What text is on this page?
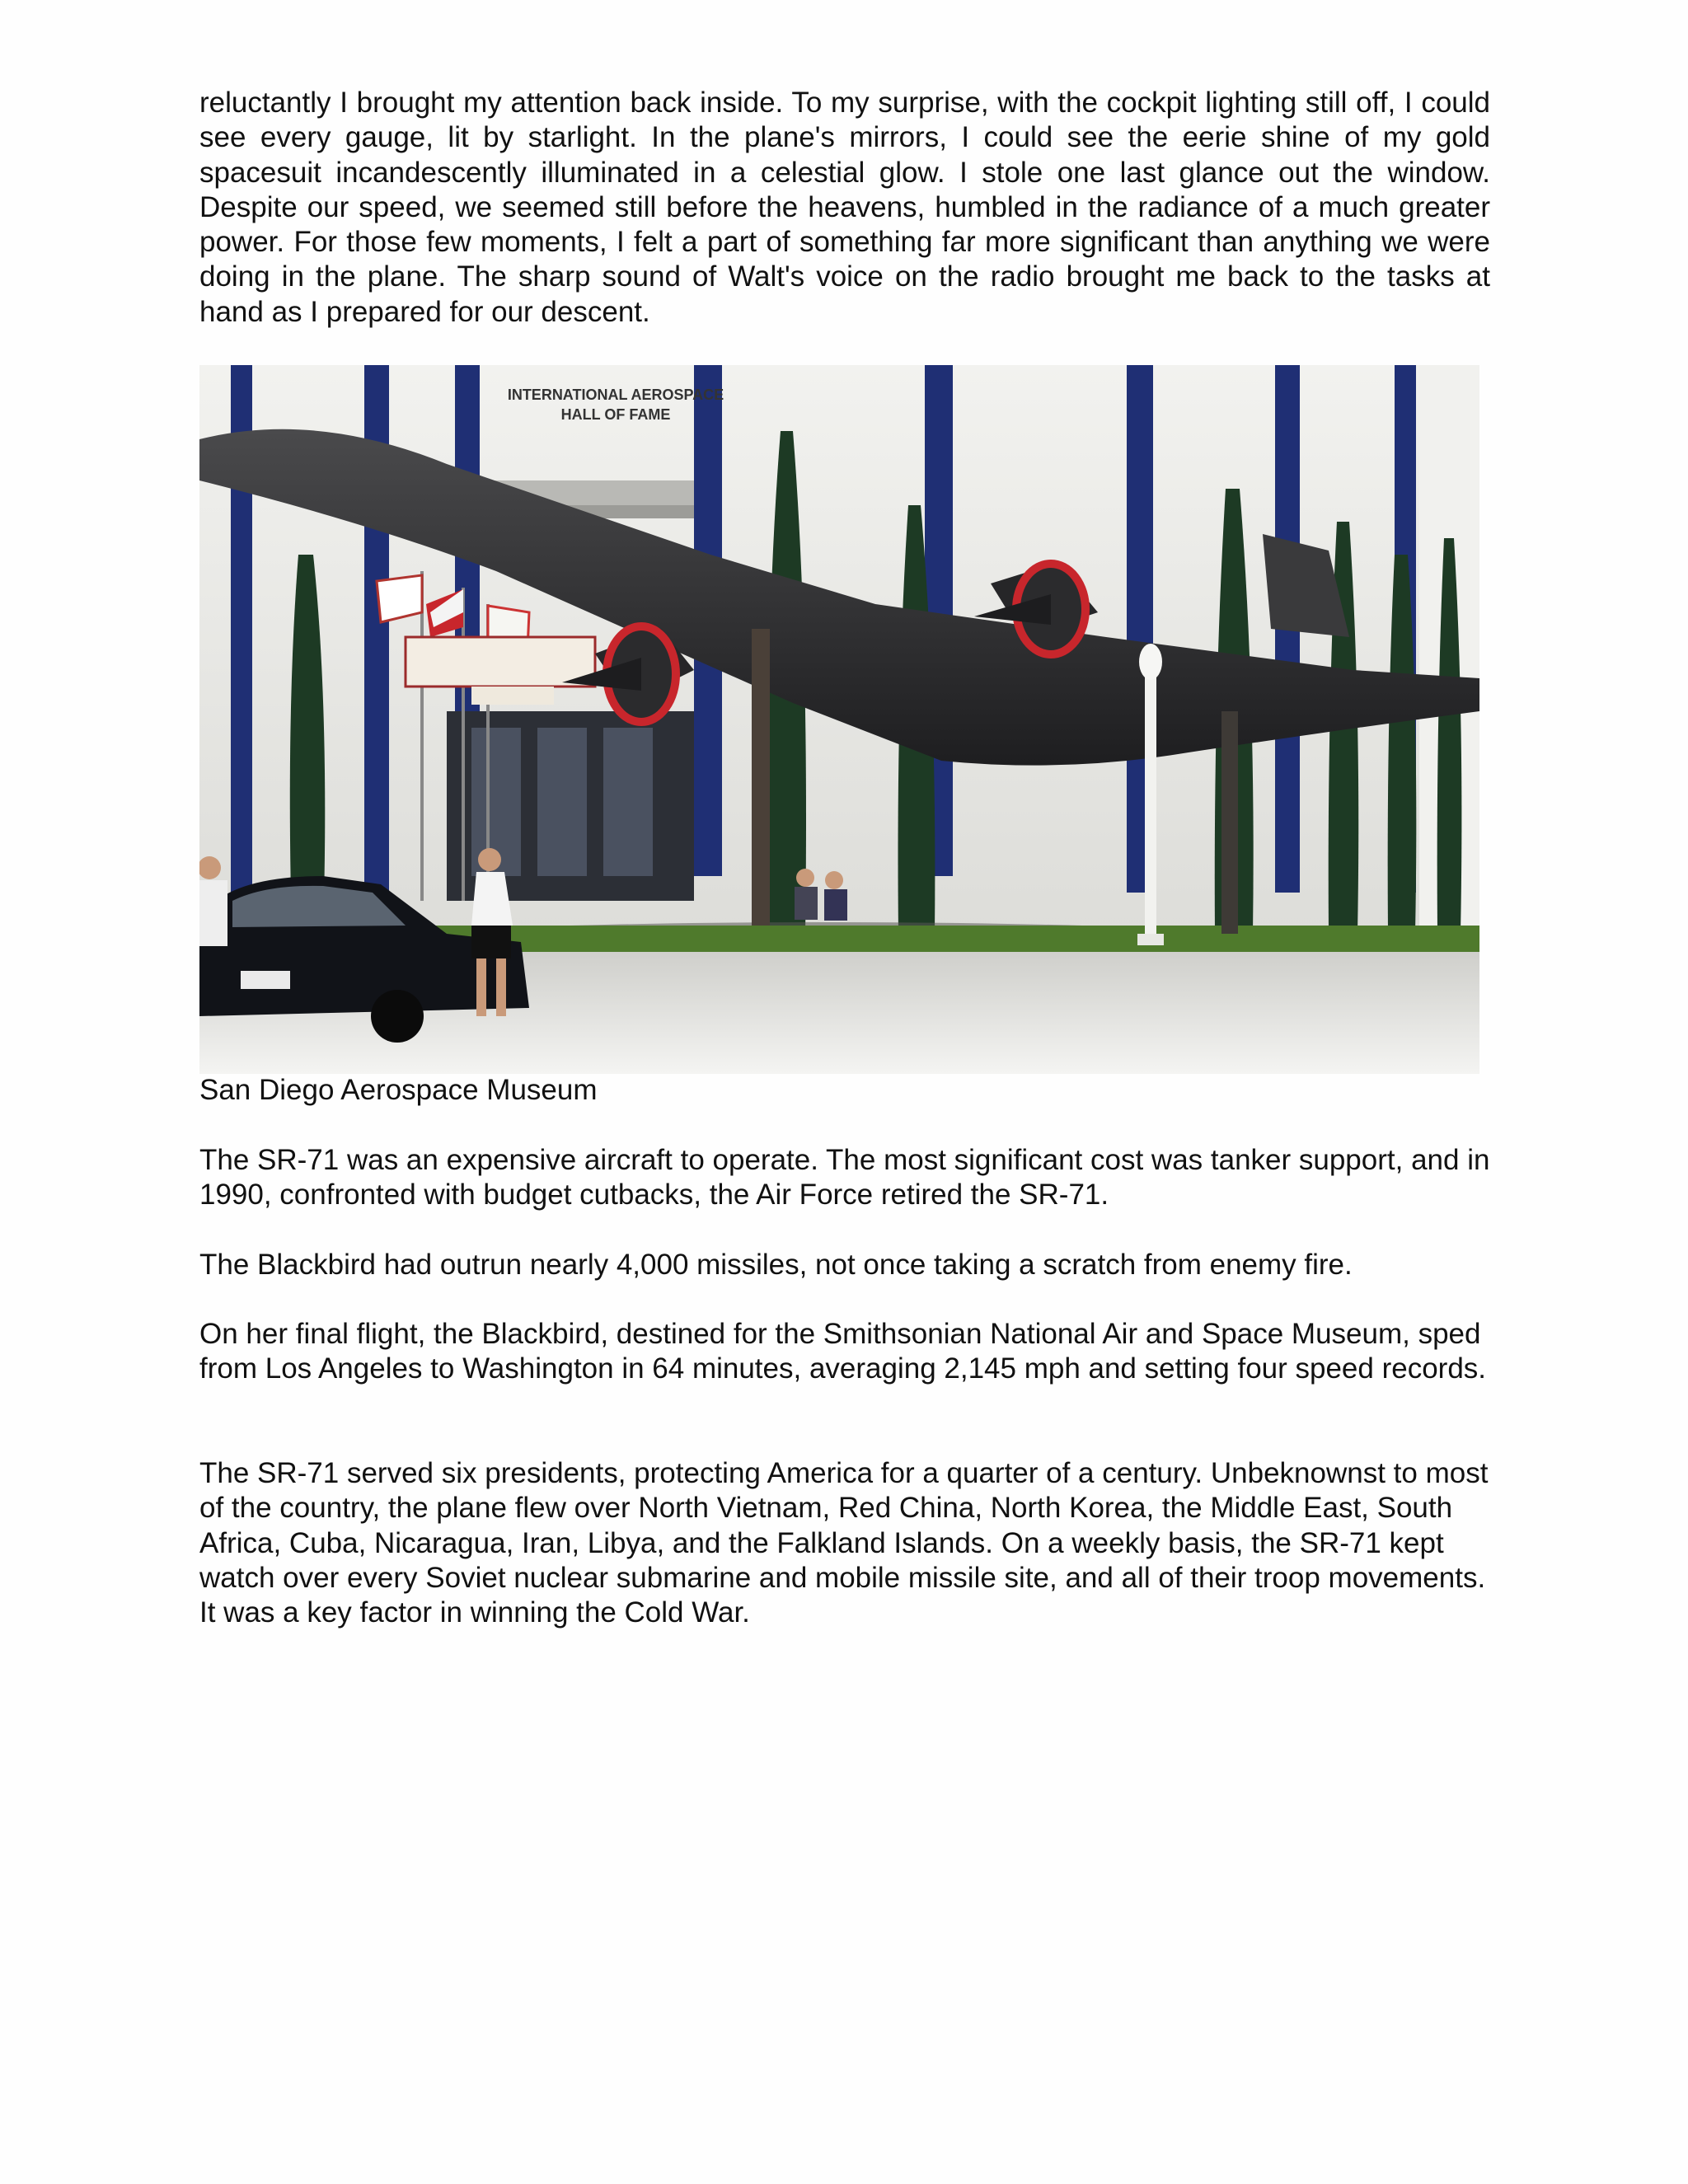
reluctantly I brought my attention back inside. To my surprise, with the cockpit lighting still off, I could see every gauge, lit by starlight. In the plane's mirrors, I could see the eerie shine of my gold spacesuit incandescently illuminated in a celestial glow. I stole one last glance out the window. Despite our speed, we seemed still before the heavens, humbled in the radiance of a much greater power. For those few moments, I felt a part of something far more significant than anything we were doing in the plane. The sharp sound of Walt's voice on the radio brought me back to the tasks at hand as I prepared for our descent.

INTERNATIONAL AEROSPACE
HALL OF FAME

San Diego Aerospace Museum

The SR-71 was an expensive aircraft to operate. The most significant cost was tanker support, and in 1990, confronted with budget cutbacks, the Air Force retired the SR-71.

The Blackbird had outrun nearly 4,000 missiles, not once taking a scratch from enemy fire.

On her final flight, the Blackbird, destined for the Smithsonian National Air and Space Museum, sped from Los Angeles to Washington in 64 minutes, averaging 2,145 mph and setting four speed records.

The SR-71 served six presidents, protecting America for a quarter of a century. Unbeknownst to most of the country, the plane flew over North Vietnam, Red China, North Korea, the Middle East, South Africa, Cuba, Nicaragua, Iran, Libya, and the Falkland Islands. On a weekly basis, the SR-71 kept watch over every Soviet nuclear submarine and mobile missile site, and all of their troop movements. It was a key factor in winning the Cold War.
